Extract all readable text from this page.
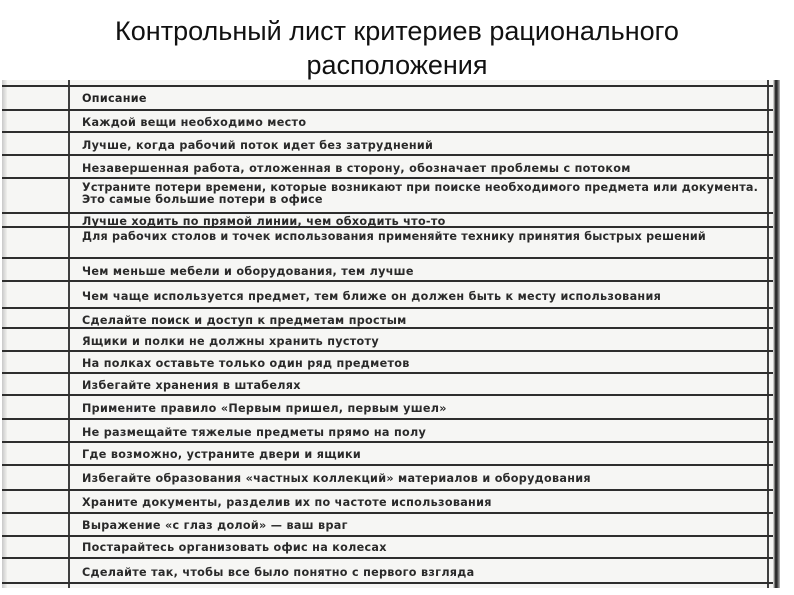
Контрольный лист критериев рационального
расположения
Описание
Каждой вещи необходимо место
Лучше, когда рабочий поток идет без затруднений
Незавершенная работа, отложенная в сторону, обозначает проблемы с потоком
Устраните потери времени, которые возникают при поиске необходимого предмета или документа. Это самые большие потери в офисе
Лучше ходить по прямой линии, чем обходить что-то
Для рабочих столов и точек использования применяйте технику принятия быстрых решений
Чем меньше мебели и оборудования, тем лучше
Чем чаще используется предмет, тем ближе он должен быть к месту использования
Сделайте поиск и доступ к предметам простым
Ящики и полки не должны хранить пустоту
На полках оставьте только один ряд предметов
Избегайте хранения в штабелях
Примените правило «Первым пришел, первым ушел»
Не размещайте тяжелые предметы прямо на полу
Где возможно, устраните двери и ящики
Избегайте образования «частных коллекций» материалов и оборудования
Храните документы, разделив их по частоте использования
Выражение «с глаз долой» — ваш враг
Постарайтесь организовать офис на колесах
Сделайте так, чтобы все было понятно с первого взгляда
